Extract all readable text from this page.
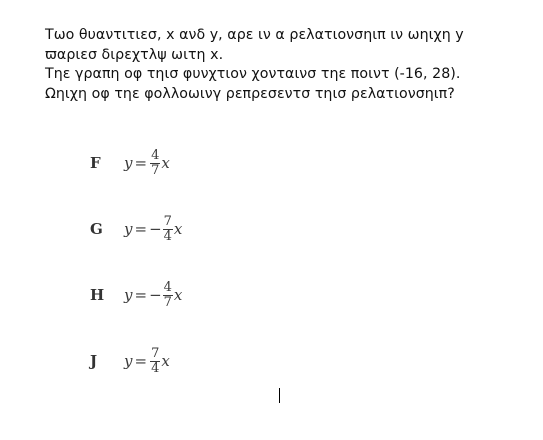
Τωο θυαντιτιεσ, x ανδ y, αρε ιν α ρελατιονσηιπ ιν ωηιχη y
ϖαριεσ διρεχτλψ ωιτη x.
Τηε γραπη οφ τηισ φυνχτιον χονταινσ τηε ποιντ (-16, 28).
Ωηιχη οφ τηε φολλοωινγ ρεπρεσεντσ τηισ ρελατιονσηιπ?
F	$y = \frac{4}{7}$ x
G	y = − $\frac{7}{4}$ x
H	y = − $\frac{4}{7}$ x
J	$y = \frac{7}{4}$ x
